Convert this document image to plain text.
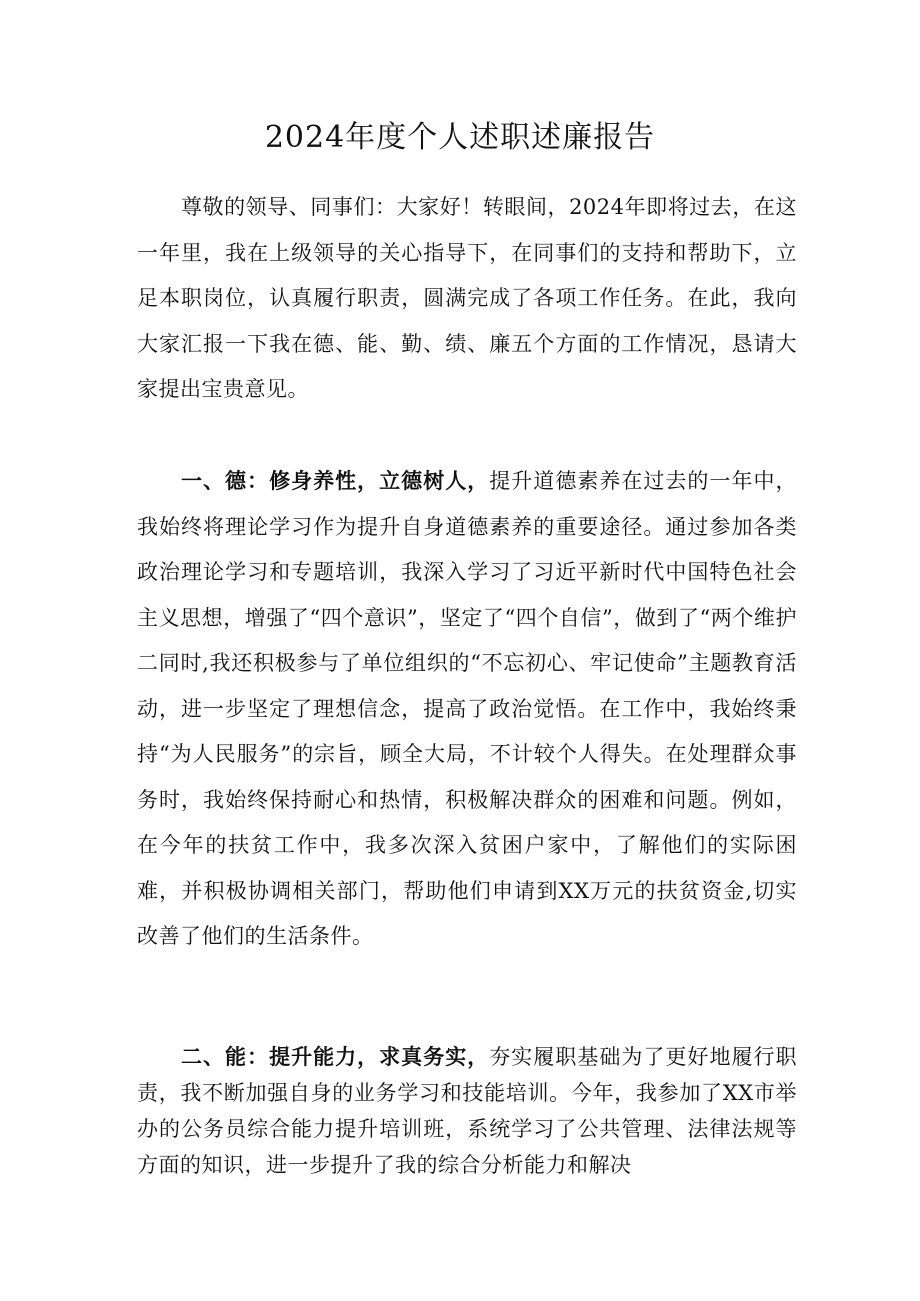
2024年度个人述职述廉报告

尊敬的领导、同事们：大家好！转眼间，2024年即将过去，在这一年里，我在上级领导的关心指导下，在同事们的支持和帮助下，立足本职岗位，认真履行职责，圆满完成了各项工作任务。在此，我向大家汇报一下我在德、能、勤、绩、廉五个方面的工作情况，恳请大家提出宝贵意见。

一、德：修身养性，立德树人，提升道德素养在过去的一年中，我始终将理论学习作为提升自身道德素养的重要途径。通过参加各类政治理论学习和专题培训，我深入学习了习近平新时代中国特色社会主义思想，增强了“四个意识”，坚定了“四个自信”，做到了“两个维护二同时,我还积极参与了单位组织的“不忘初心、牢记使命”主题教育活动，进一步坚定了理想信念，提高了政治觉悟。在工作中，我始终秉持“为人民服务”的宗旨，顾全大局，不计较个人得失。在处理群众事务时，我始终保持耐心和热情，积极解决群众的困难和问题。例如，在今年的扶贫工作中，我多次深入贫困户家中，了解他们的实际困难，并积极协调相关部门，帮助他们申请到XX万元的扶贫资金,切实改善了他们的生活条件。

二、能：提升能力，求真务实，夯实履职基础为了更好地履行职责，我不断加强自身的业务学习和技能培训。今年，我参加了XX市举办的公务员综合能力提升培训班，系统学习了公共管理、法律法规等方面的知识，进一步提升了我的综合分析能力和解决
